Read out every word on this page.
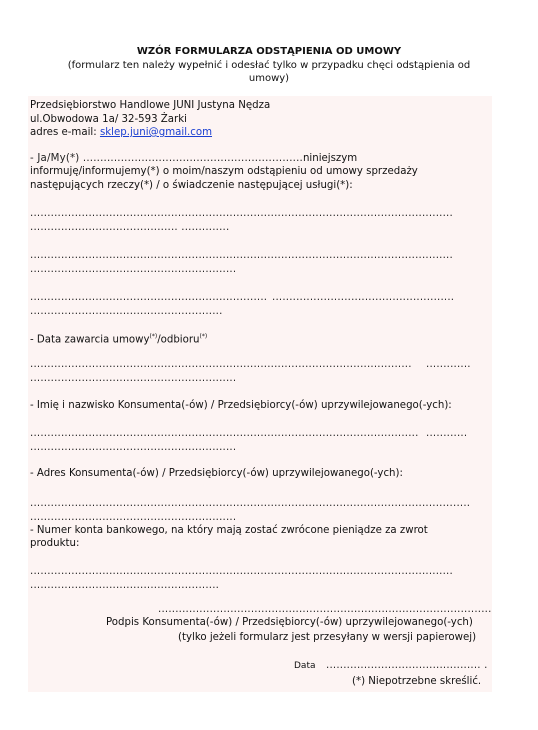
WZÓR FORMULARZA ODSTĄPIENIA OD UMOWY
(formularz ten należy wypełnić i odesłać tylko w przypadku chęci odstąpienia od
umowy)
Przedsiębiorstwo Handlowe JUNI Justyna Nędza
ul.Obwodowa 1a/ 32-593 Żarki
adres e-mail: sklep.juni@gmail.com
- Ja/My(*) ................................................................niniejszym
informuję/informujemy(*) o moim/naszym odstąpieniu od umowy sprzedaży
następujących rzeczy(*) / o świadczenie następującej usługi(*):
...........................................................................................................................
........................................... ..............
...........................................................................................................................
............................................................
..................................................................... .....................................................
........................................................
- Data zawarcia umowy(*)/odbioru(*)
............................................................................................................... .............
............................................................
- Imię i nazwisko Konsumenta(-ów) / Przedsiębiorcy(-ów) uprzywilejowanego(-ych):
................................................................................................................. ............
............................................................
- Adres Konsumenta(-ów) / Przedsiębiorcy(-ów) uprzywilejowanego(-ych):
........................................................................................................................... .....
............................................................
- Numer konta bankowego, na który mają zostać zwrócone pieniądze za zwrot
produktu:
...........................................................................................................................
.......................................................
.................................................................................................
Podpis Konsumenta(-ów) / Przedsiębiorcy(-ów) uprzywilejowanego(-ych)
(tylko jeżeli formularz jest przesyłany w wersji papierowej)
Data ............................................. .
(*) Niepotrzebne skreślić.
